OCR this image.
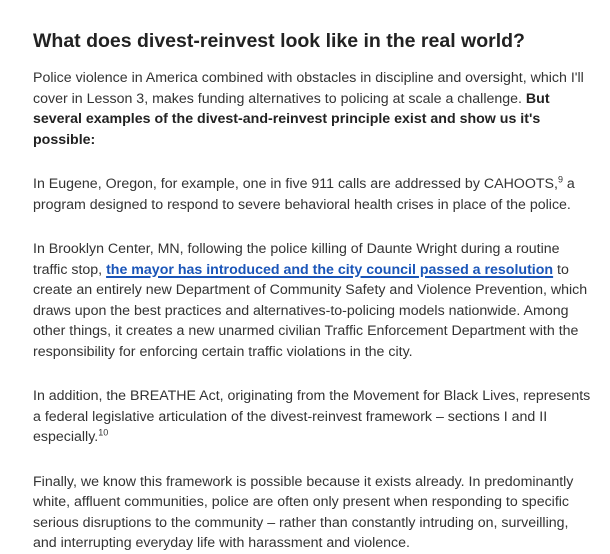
What does divest-reinvest look like in the real world?

Police violence in America combined with obstacles in discipline and oversight, which I'll cover in Lesson 3, makes funding alternatives to policing at scale a challenge. But several examples of the divest-and-reinvest principle exist and show us it's possible:

In Eugene, Oregon, for example, one in five 911 calls are addressed by CAHOOTS,$^9$ a program designed to respond to severe behavioral health crises in place of the police.

In Brooklyn Center, MN, following the police killing of Daunte Wright during a routine traffic stop, the mayor has introduced and the city council passed a resolution to create an entirely new Department of Community Safety and Violence Prevention, which draws upon the best practices and alternatives-to-policing models nationwide. Among other things, it creates a new unarmed civilian Traffic Enforcement Department with the responsibility for enforcing certain traffic violations in the city.

In addition, the BREATHE Act, originating from the Movement for Black Lives, represents a federal legislative articulation of the divest-reinvest framework – sections I and II especially.$^{10}$

Finally, we know this framework is possible because it exists already. In predominantly white, affluent communities, police are often only present when responding to specific serious disruptions to the community – rather than constantly intruding on, surveilling, and interrupting everyday life with harassment and violence.
